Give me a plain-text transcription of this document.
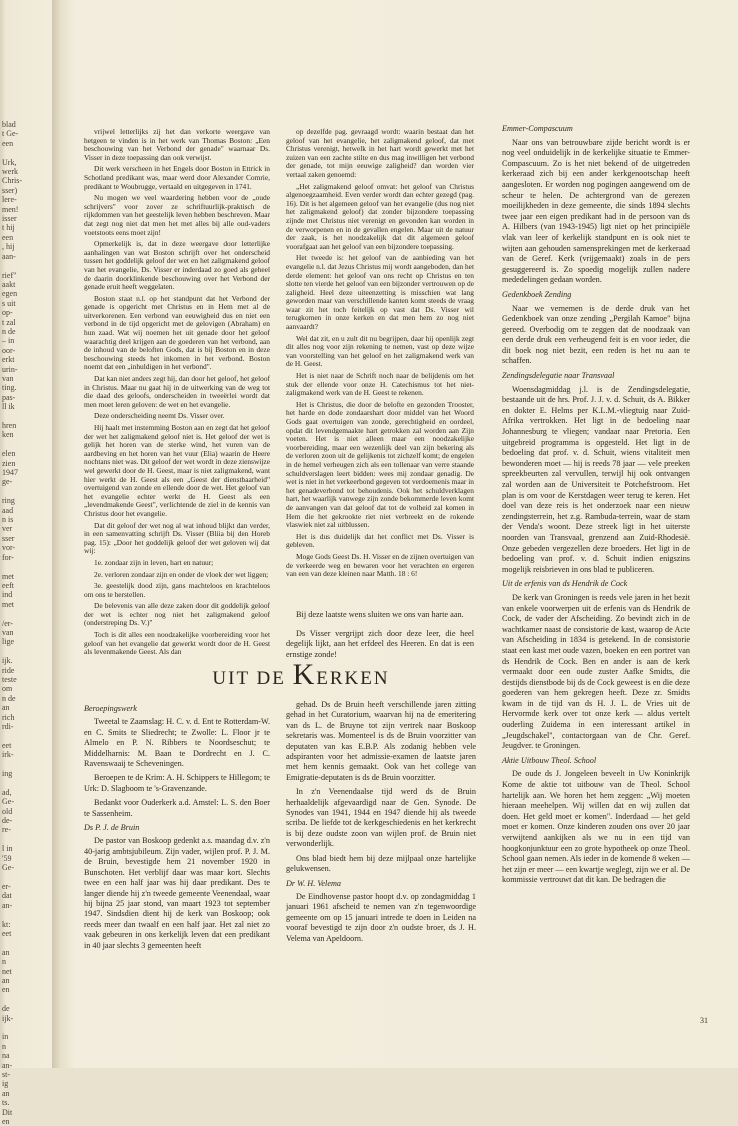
blad
t Ge-
een

Urk,
werk
Chris-
sser)
lere-
men!
isser
t hij
een
, hij
aan-

rief"
aakt
egen
s uit
op-
t zal
n de
– in
oor-
erkt
urin-
van
ting.
pas-
ll ik

hren
ken

elen
zien
1947
ge-

ring
aad
n is
ver
sser
vor-
for-

met
eeft
ind
met

/er-
van
lige

ijk.
ride
teste
om
n de
an
rich
rdi-

eet
irk-

ing

ad,
Ge-
old
de-
re-

l in
'59
Ge-

er-
dat
an-

kt:
eet

an
n
net
an
en

de
ijk-

in
n
na
an-
st-
ig
an
ts.
Dit
en

vrijwel letterlijks zij het dan verkorte weergave van hetgeen te vinden is in het werk van Thomas Boston: „Een beschouwing van het Verbond der genade" waarnaar Ds. Visser in deze toepassing dan ook verwijst.

Dit werk verscheen in het Engels door Boston in Ettrick in Schotland predikant was, maar werd door Alexander Comrie, predikant te Woubrugge, vertaald en uitgegeven in 1741.

Nu mogen we veel waardering hebben voor de „oude schrijvers" voor zover ze schriftuurlijk-praktisch de rijkdommen van het geestelijk leven hebben beschreven. Maar dat zegt nog niet dat men het met alles bij alle oud-vaders voetstoots eens moet zijn!

Opmerkelijk is, dat in deze weergave door letterlijke aanhalingen van wat Boston schrijft over het onderscheid tussen het goddelijk geloof der wet en het zaligmakend geloof van het evangelie, Ds. Visser er inderdaad zo goed als geheel de daarin doorklinkende beschouwing over het Verbond der genade eruit heeft weggelaten.

Boston staat n.l. op het standpunt dat het Verbond der genade is opgericht met Christus en in Hem met al de uitverkorenen. Een verbond van eeuwigheid dus en niet een verbond in de tijd opgericht met de gelovigen (Abraham) en hun zaad. Wat wij noemen het uit genade door het geloof waarachtig deel krijgen aan de goederen van het verbond, aan de inhoud van de beloften Gods, dat is bij Boston en in deze beschouwing steeds het inkomen in het verbond. Boston noemt dat een „inhuldigen in het verbond".

Dat kan niet anders zegt hij, dan door het geloof, het geloof in Christus. Maar nu gaat hij in de uitwerking van de weg tot die daad des geloofs, onderscheiden in tweeërlei wordt dat men moet leren geloven: de wet en het evangelie.

Deze onderscheiding neemt Ds. Visser over.

Hij haalt met instemming Boston aan en zegt dat het geloof der wet het zaligmakend geloof niet is. Het geloof der wet is gelijk het horen van de sterke wind, het vuren van de aardbeving en het horen van het vuur (Elia) waarin de Heere nochtans niet was. Dit geloof der wet wordt in deze zienswijze wel gewerkt door de H. Geest, maar is niet zaligmakend, want hier werkt de H. Geest als een „Geest der dienstbaarheid" overtuigend van zonde en ellende door de wet. Het geloof van het evangelie echter werkt de H. Geest als een „levendmakende Geest", verlichtende de ziel in de kennis van Christus door het evangelie.

Dat dit geloof der wet nog al wat inhoud blijkt dan verder, in een samenvatting schrijft Ds. Visser (Bliia bij den Horeb pag. 15): „Door het goddelijk geloof der wet geloven wij dat wij:

1e. zondaar zijn in leven, hart en natuur;

2e. verloren zondaar zijn en onder de vloek der wet liggen;

3e. geestelijk dood zijn, gans machteloos en krachteloos om ons te herstellen.

De belevenis van alle deze zaken door dit goddelijk geloof der wet is echter nog niet het zaligmakend geloof (onderstreping Ds. V.)"

Toch is dit alles een noodzakelijke voorbereiding voor het geloof van het evangelie dat gewerkt wordt door de H. Geest als levenmakende Geest. Als dan

op dezelfde pag. gevraagd wordt: waarin bestaat dan het geloof van het evangelie, het zaligmakend geloof, dat met Christus verenigt, hetwelk in het hart wordt gewerkt met het zuizen van een zachte stilte en dus mag inwilligen het verbond der genade, tot mijn eeuwige zaligheid? dan worden vier vertaal zaken genoemd:

„Het zaligmakend geloof omvat: het geloof van Christus algenoegzaamheid. Even verder wordt dan echter gezegd (pag. 16). Dit is het algemeen geloof van het evangelie (dus nog niet het zaligmakend geloof) dat zonder bijzondere toepassing zijnde met Christus niet verenigt en gevonden kan worden in de verworpenen en in de gevallen engelen. Maar uit de natuur der zaak, is het noodzakelijk dat dit algemeen geloof voorafgaat aan het geloof van een bijzondere toepassing.

Het tweede is: het geloof van de aanbieding van het evangelie n.l. dat Jezus Christus mij wordt aangeboden, dan het derde element: het geloof van ons recht op Christus en ten slotte ten vierde het geloof van een bijzonder vertrouwen op de zaligheid. Heel deze uiteenzetting is misschien wat lang geworden maar van verschillende kanten komt steeds de vraag waar zit het toch feitelijk op vast dat Ds. Visser wil terugkomen in onze kerken en dat men hem zo nog niet aanvaardt?

Wel dat zit, en u zult dit nu begrijpen, daar hij openlijk zegt dit alles nog voor zijn rekening te nemen, vast op deze wijze van voorstelling van het geloof en het zaligmakend werk van de H. Geest.

Het is niet naar de Schrift noch naar de belijdenis om het stuk der ellende voor onze H. Catechismus tot het niet-zaligmakend werk van de H. Geest te rekenen.

Het is Christus, die door de belofte en gezonden Trooster, het harde en dode zondaarshart door middel van het Woord Gods gaat overtuigen van zonde, gerechtigheid en oordeel, opdat dit levendgemaakte hart getrokken zal worden aan Zijn voeten. Het is niet alleen maar een noodzakelijke voorbereiding, maar een wezenlijk deel van zijn bekering als de verloren zoon uit de gelijkenis tot zichzelf komt; de engelen in de hemel verheugen zich als een tollenaar van verre staande schuldverslagen leert bidden: wees mij zondaar genadig. De wet is niet in het verkeerbond gegeven tot verdoemenis maar in het genadeverbond tot behoudenis. Ook het schuldverklagen hart, het waarlijk vanwege zijn zonde bekommerde leven komt de aanvangen van dat geloof dat tot de volheid zal komen in Hem die het gekrookte riet niet verbreekt en de rokende vlaswiek niet zal uitblussen.

Het is dus duidelijk dat het conflict met Ds. Visser is gebleven.

Moge Gods Geest Ds. H. Visser en de zijnen overtuigen van de verkeerde weg en bewaren voor het verachten en ergeren van een van deze kleinen naar Matth. 18 : 6!

Bij deze laatste wens sluiten we ons van harte aan.

Ds Visser vergrijpt zich door deze leer, die heel degelijk lijkt, aan het erfdeel des Heeren. En dat is een ernstige zonde!

UIT DE KERKEN

Beroepingswerk

Tweetal te Zaamslag: H. C. v. d. Ent te Rotterdam-W. en C. Smits te Sliedrecht; te Zwolle: L. Floor jr te Almelo en P. N. Ribbers te Noordseschut; te Middelharnis: M. Baan te Dordrecht en J. C. Ravenswaaij te Scheveningen.

Beroepen te de Krim: A. H. Schippers te Hillegom; te Urk: D. Slagboom te 's-Gravenzande.

Bedankt voor Ouderkerk a.d. Amstel: L. S. den Boer te Sassenheim.

Ds P. J. de Bruin

De pastor van Boskoop gedenkt a.s. maandag d.v. z'n 40-jarig ambtsjubileum. Zijn vader, wijlen prof. P. J. M. de Bruin, bevestigde hem 21 november 1920 in Bunschoten. Het verblijf daar was maar kort. Slechts twee en een half jaar was hij daar predikant. Des te langer diende hij z'n tweede gemeente Veenendaal, waar hij bijna 25 jaar stond, van maart 1923 tot september 1947. Sindsdien dient hij de kerk van Boskoop; ook reeds meer dan twaalf en een half jaar. Het zal niet zo vaak gebeuren in ons kerkelijk leven dat een predikant in 40 jaar slechts 3 gemeenten heeft

gehad. Ds de Bruin heeft verschillende jaren zitting gehad in het Curatorium, waarvan hij na de emeritering van ds L. de Bruyne tot zijn vertrek naar Boskoop sekretaris was. Momenteel is ds de Bruin voorzitter van deputaten van kas E.B.P. Als zodanig hebben vele adspiranten voor het admissie-examen de laatste jaren met hem kennis gemaakt. Ook van het college van Emigratie-deputaten is ds de Bruin voorzitter.

In z'n Veenendaalse tijd werd ds de Bruin herhaaldelijk afgevaardigd naar de Gen. Synode. De Synodes van 1941, 1944 en 1947 diende hij als tweede scriba. De liefde tot de kerkgeschiedenis en het kerkrecht is bij deze oudste zoon van wijlen prof. de Bruin niet verwonderlijk.

Ons blad biedt hem bij deze mijlpaal onze hartelijke gelukwensen.

Dr W. H. Velema

De Eindhovense pastor hoopt d.v. op zondagmiddag 1 januari 1961 afscheid te nemen van z'n tegenwoordige gemeente om op 15 januari intrede te doen in Leiden na vooraf bevestigd te zijn door z'n oudste broer, ds J. H. Velema van Apeldoorn.

Emmer-Compascuum

Naar ons van betrouwbare zijde bericht wordt is er nog veel onduidelijk in de kerkelijke situatie te Emmer-Compascuum. Zo is het niet bekend of de uitgetreden kerkeraad zich bij een ander kerkgenootschap heeft aangesloten. Er worden nog pogingen aangewend om de scheur te helen. De achtergrond van de gerezen moeilijkheden in deze gemeente, die sinds 1894 slechts twee jaar een eigen predikant had in de persoon van ds A. Hilbers (van 1943-1945) ligt niet op het principiële vlak van leer of kerkelijk standpunt en is ook niet te wijten aan gehouden samensprekingen met de kerkeraad van de Geref. Kerk (vrijgemaakt) zoals in de pers gesuggereerd is. Zo spoedig mogelijk zullen nadere mededelingen gedaan worden.

Gedenkboek Zending

Naar we vernemen is de derde druk van het Gedenkboek van onze zending „Pergilah Kamoe" bijna gereed. Overbodig om te zeggen dat de noodzaak van een derde druk een verheugend feit is en voor ieder, die dit boek nog niet bezit, een reden is het nu aan te schaffen.

Zendingsdelegatie naar Transvaal

Woensdagmiddag j.l. is de Zendingsdelegatie, bestaande uit de hrs. Prof. J. J. v. d. Schuit, ds A. Bikker en dokter E. Helms per K.L.M.-vliegtuig naar Zuid-Afrika vertrokken. Het ligt in de bedoeling naar Johannesburg te vliegen; vandaar naar Pretoria. Een uitgebreid programma is opgesteld. Het ligt in de bedoeling dat prof. v. d. Schuit, wiens vitaliteit men bewonderen moet — hij is reeds 78 jaar — vele preeken spreekbeurten zal vervullen, terwijl hij ook ontvangen zal worden aan de Universiteit te Potchefstroom. Het plan is om voor de Kerstdagen weer terug te keren. Het doel van deze reis is het onderzoek naar een nieuw zendingsterrein, het z.g. Rambuda-terrein, waar de stam der Venda's woont. Deze streek ligt in het uiterste noorden van Transvaal, grenzend aan Zuid-Rhodesië. Onze gebeden vergezellen deze broeders. Het ligt in de bedoeling van prof. v. d. Schuit indien enigszins mogelijk reisbrieven in ons blad te publiceren.

Uit de erfenis van ds Hendrik de Cock

De kerk van Groningen is reeds vele jaren in het bezit van enkele voorwerpen uit de erfenis van ds Hendrik de Cock, de vader der Afscheiding. Zo bevindt zich in de wachtkamer naast de consistorie de kast, waarop de Acte van Afscheiding in 1834 is getekend. In de consistorie staat een kast met oude vazen, boeken en een portret van ds Hendrik de Cock. Ben en ander is aan de kerk vermaakt door een oude zuster Aafke Smidts, die destijds dienstbode bij ds de Cock geweest is en die deze goederen van hem gekregen heeft. Deze zr. Smidts kwam in de tijd van ds H. J. L. de Vries uit de Hervormde kerk over tot onze kerk — aldus vertelt ouderling Zuidema in een interessant artikel in „Jeugdschakel", contactorgaan van de Chr. Geref. Jeugdver. te Groningen.

Aktie Uitbouw Theol. School

De oude ds J. Jongeleen beveelt in Uw Koninkrijk Kome de aktie tot uitbouw van de Theol. School hartelijk aan. We horen het hem zeggen: „Wij moeten hieraan meehelpen. Wij willen dat en wij zullen dat doen. Het geld moet er komen". Inderdaad — het geld moet er komen. Onze kinderen zouden ons over 20 jaar verwijtend aankijken als we nu in een tijd van hoogkonjunktuur een zo grote hypotheek op onze Theol. School gaan nemen. Als ieder in de komende 8 weken — het zijn er meer — een kwartje weglegt, zijn we er al. De kommissie vertrouwt dat dit kan. De bedragen die

31
